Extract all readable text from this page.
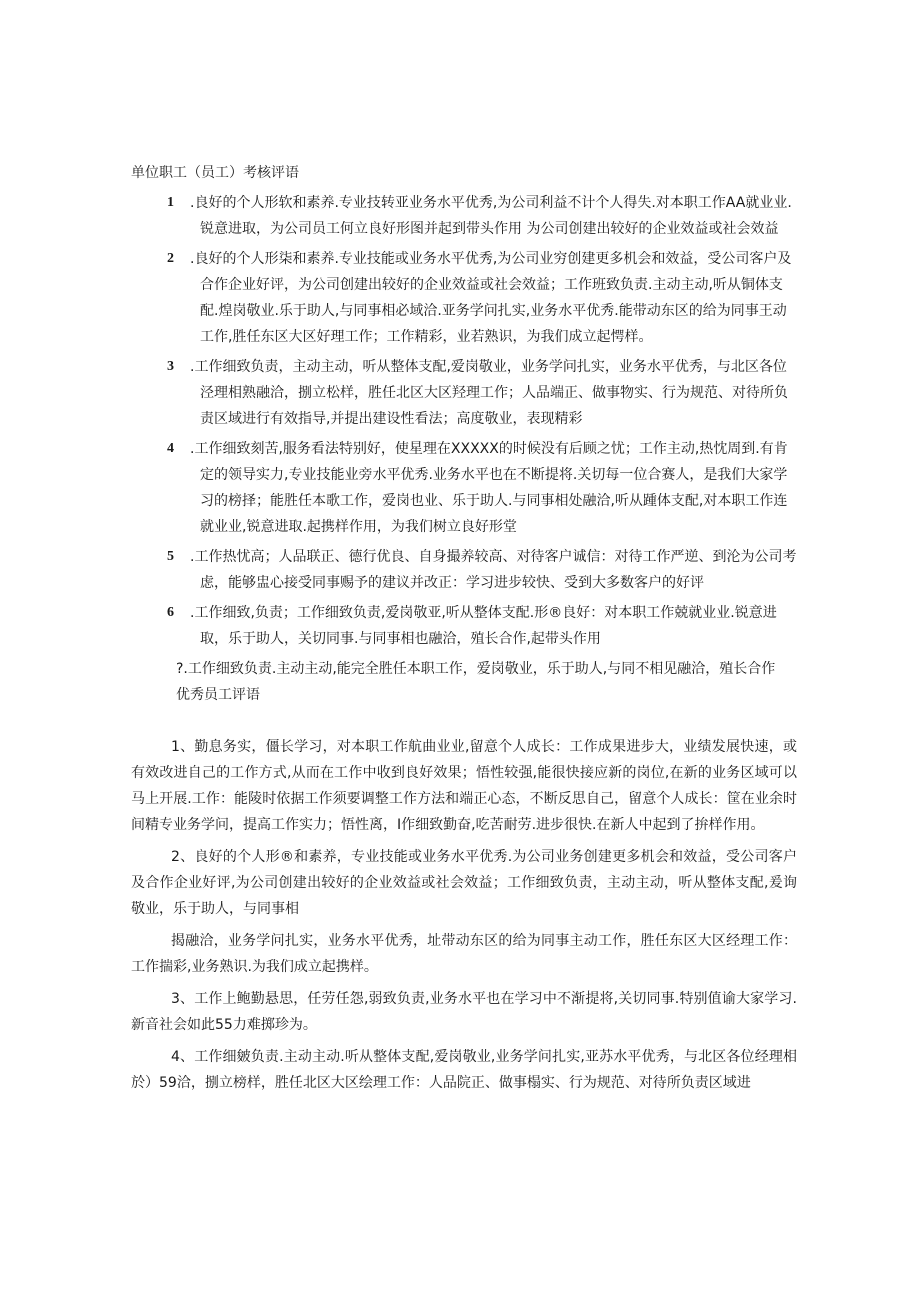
单位职工（员工）考核评语
1 .良好的个人形软和素养.专业技转亚业务水平优秀,为公司利益不计个人得失.对本职工作AA就业业.锐意进取，为公司员工何立良好形图并起到带头作用 为公司创建出较好的企业效益或社会效益
2 .良好的个人形柒和素养.专业技能或业务水平优秀,为公司业穷创建更多机会和效益，受公司客户及合作企业好评，为公司创建出较好的企业效益或社会效益；工作班致负责.主动主动,听从铜体支配.煌岗敬业.乐于助人,与同事相必域洽.亚务学问扎实,业务水平优秀.能带动东区的给为同事王动工作,胜任东区大区好理工作；工作精彩，业若熟识，为我们成立起愕样。
3 .工作细致负责，主动主动，听从整体支配,爱岗敬业，业务学问扎实，业务水平优秀，与北区各位泾理相熟融洽，捌立松样，胜任北区大区羟理工作；人品端正、做事物实、行为规范、对待所负责区域进行有效指导,并提出建设性看法；高度敬业，表现精彩
4 .工作细致刻苦,服务看法特别好，使星理在XXXXX的时候没有后顾之忧；工作主动,热忱周到.有肯定的领导实力,专业技能业旁水平优秀.业务水平也在不断提将.关切每一位合赛人，是我们大家学习的榜择；能胜任本歌工作，爱岗也业、乐于助人.与同事相处融洽,听从踵体支配,对本职工作连就业业,锐意进取.起携样作用，为我们树立良好形堂
5 .工作热忧高；人品联正、德行优良、自身撮养较高、对待客户诚信：对待工作严逆、到沦为公司考虑，能够盅心接受同事赐予的建议并改正：学习进步较快、受到大多数客户的好评
6 .工作细致,负责；工作细致负责,爱岗敬亚,听从整体支配.形®良好：对本职工作兢就业业.锐意进取，乐于助人，关切同事.与同事相也融洽，殖长合作,起带头作用
?.工作细致负责.主动主动,能完全胜任本职工作，爱岗敬业，乐于助人,与同不相见融洽，殖长合作
优秀员工评语
1、勤息务实，僵长学习，对本职工作航曲业业,留意个人成长：工作成果进步大，业绩发展快速，或有效改进自己的工作方式,从而在工作中收到良好效果；悟性较强,能很快接应新的岗位,在新的业务区域可以马上开展.工作：能陵时依据工作须要调整工作方法和端正心态，不断反思自己，留意个人成长：筐在业余时间精专业务学问，提高工作实力；悟性离，I作细致勤奋,吃苦耐劳.进步很快.在新人中起到了拚样作用。
2、良好的个人形®和素养，专业技能或业务水平优秀.为公司业务创建更多机会和效益，受公司客户及合作企业好评,为公司创建出较好的企业效益或社会效益；工作细致负责，主动主动，听从整体支配,爰询敬业，乐于助人，与同事相
揭融洽，业务学问扎实，业务水平优秀，址带动东区的给为同事主动工作，胜任东区大区经理工作：工作揣彩,业务熟识.为我们成立起携样。
3、工作上鲍勤悬思，任劳任怨,弱致负责,业务水平也在学习中不渐提将,关切同事.特别值谕大家学习.新音社会如此55力难掷珍为。
4、工作细皴负责.主动主动.听从整体支配,爱岗敬业,业务学问扎实,亚苏水平优秀，与北区各位经理相於）59洽，捌立榜样，胜任北区大区绘理工作：人品院正、做事榻实、行为规范、对待所负责区域进
